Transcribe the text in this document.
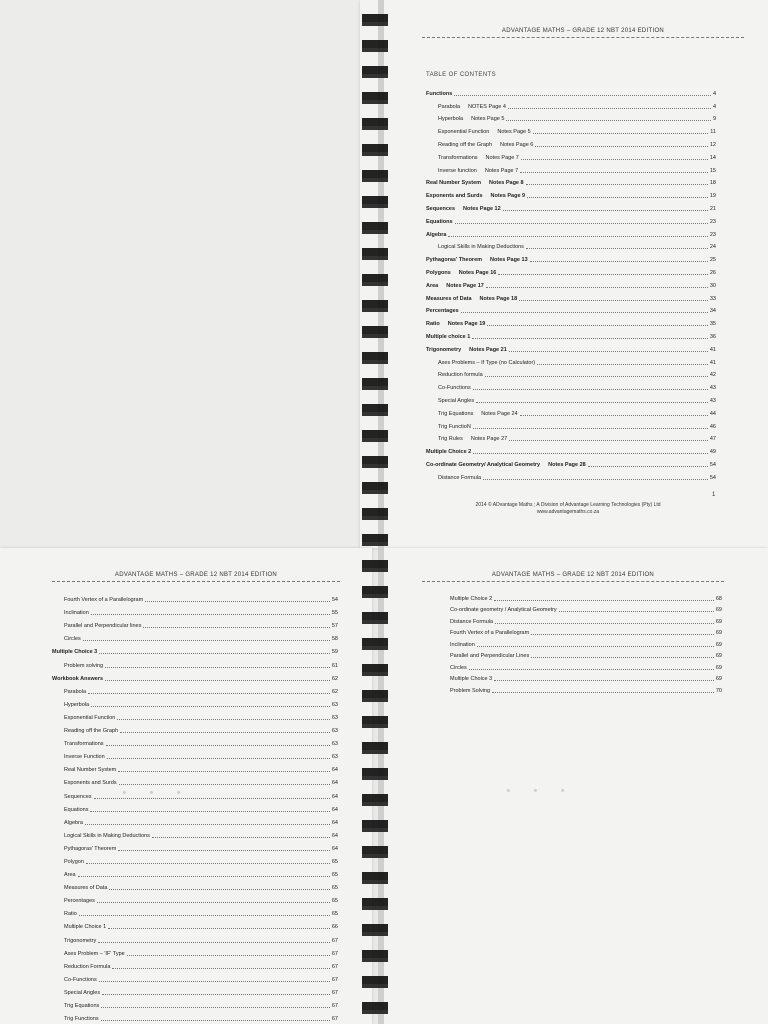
ADVANTAGE MATHS – GRADE 12 NBT 2014 EDITION
TABLE OF CONTENTS
Functions	4
Parabola NOTES Page 4	4
Hyperbola Notes Page 5	9
Exponential Function Notes Page 5	11
Reading off the Graph Notes Page 6	12
Transformations Notes Page 7	14
Inverse function Notes Page 7	15
Real Number System Notes Page 8	18
Exponents and Surds Notes Page 9	19
Sequences Notes Page 12	21
Equations	23
Algebra	23
Logical Skills in Making Deductions	24
Pythagoras' Theorem Notes Page 13	25
Polygons Notes Page 16	26
Area Notes Page 17	30
Measures of Data Notes Page 18	33
Percentages	34
Ratio Notes Page 19	35
Multiple choice 1	36
Trigonometry Notes Page 21	41
Axes Problems – If Type (no Calculator)	41
Reduction formula	42
Co-Functions	43
Special Angles	43
Trig Equations Notes Page 24	44
Trig FunctioN	46
Trig Rules Notes Page 27	47
Multiple Choice 2	49
Co-ordinate Geometry/ Analytical Geometry Notes Page 28	54
Distance Formula	54
1
2014 © ADvantage Maths ; A Division of Advantage Learning Technologies (Pty) Ltd
www.advantagemaths.co.za
ADVANTAGE MATHS – GRADE 12 NBT 2014 EDITION
Fourth Vertex of a Parallelogram	54
Inclination	55
Parallel and Perpendicular lines	57
Circles	58
Multiple Choice 3	59
Problem solving	61
Workbook Answers	62
Parabola	62
Hyperbola	63
Exponential Function	63
Reading off the Graph	63
Transformations	63
Inverse Function	63
Real Number System	64
Exponents and Surds	64
Sequences	64
Equations	64
Algebra	64
Logical Skills in Making Deductions	64
Pythagoras' Theorem	64
Polygon	65
Area	65
Measures of Data	65
Percentages	65
Ratio	65
Multiple Choice 1	66
Trigonometry	67
Axes Problem – 'IF' Type	67
Reduction Formula	67
Co-Functions	67
Special Angles	67
Trig Equations	67
Trig Functions	67
· · ·
ADVANTAGE MATHS – GRADE 12 NBT 2014 EDITION
Multiple Choice 2	68
Co-ordinate geometry / Analytical Geometry	69
Distance Formula	69
Fourth Vertex of a Parallelogram	69
Inclination	69
Parallel and Perpendicular Lines	69
Circles	69
Multiple Choice 3	69
Problem Solving	70
· · ·
